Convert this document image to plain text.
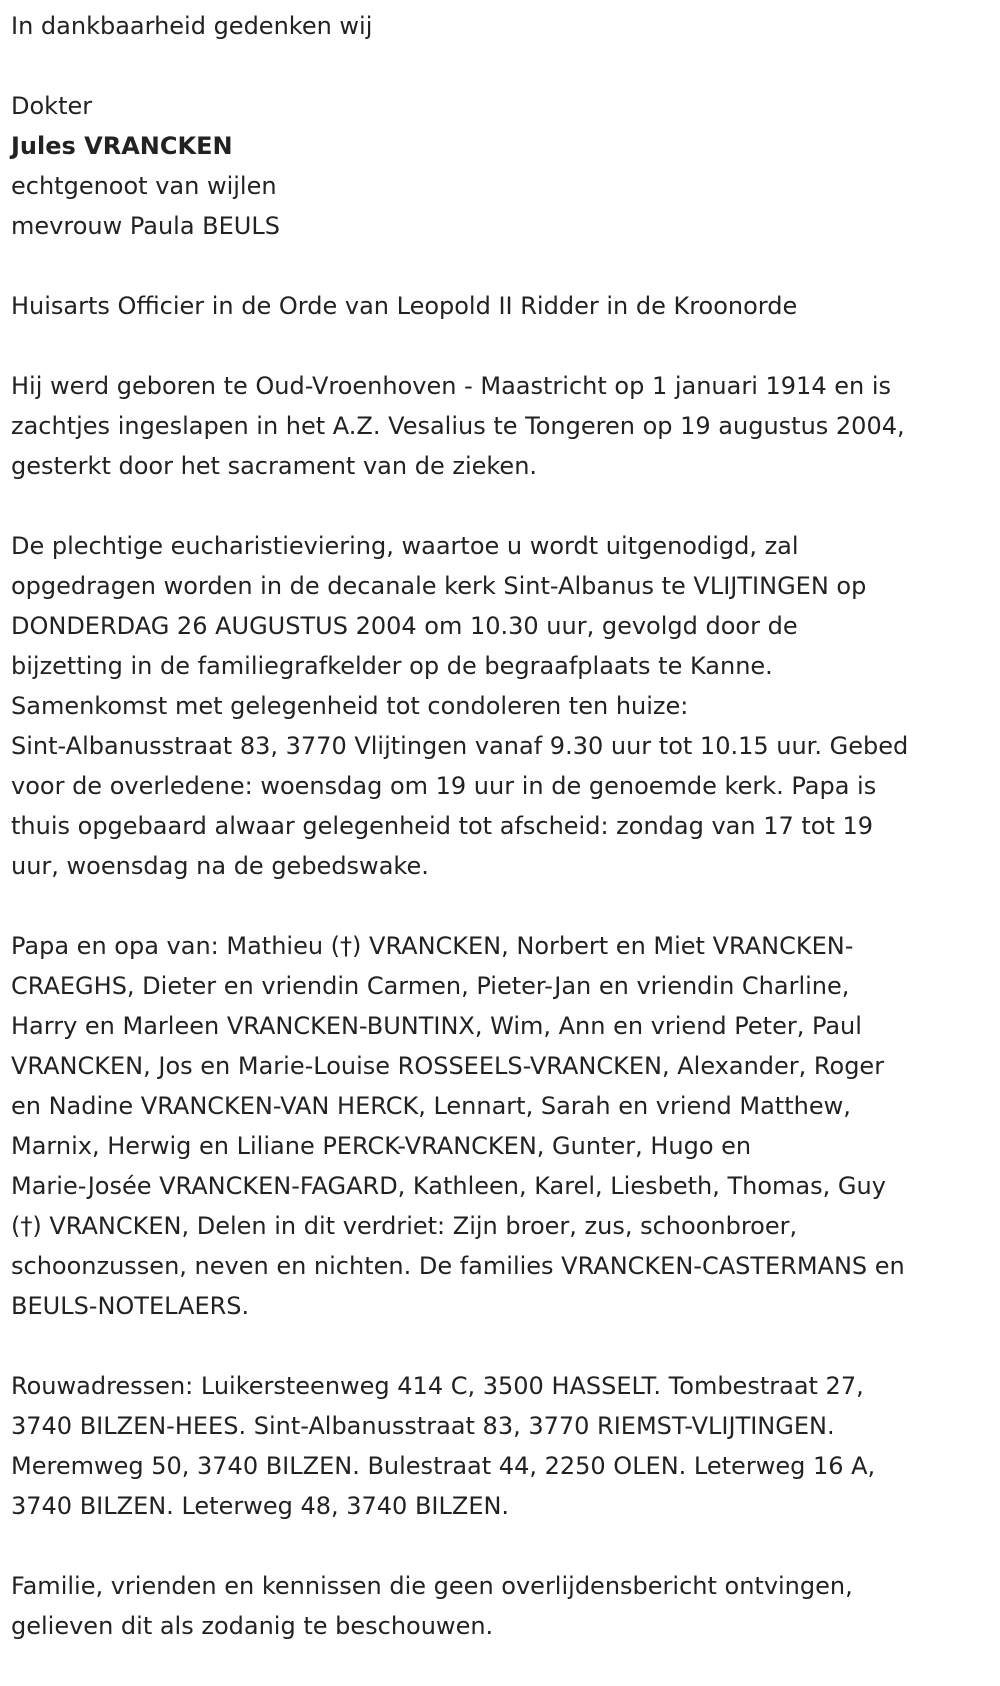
In dankbaarheid gedenken wij

Dokter

Jules VRANCKEN

echtgenoot van wijlen

mevrouw Paula BEULS

Huisarts Officier in de Orde van Leopold II Ridder in de Kroonorde

Hij werd geboren te Oud-Vroenhoven - Maastricht op 1 januari 1914 en is
zachtjes ingeslapen in het A.Z. Vesalius te Tongeren op 19 augustus 2004,
gesterkt door het sacrament van de zieken.
De plechtige eucharistieviering, waartoe u wordt uitgenodigd, zal
opgedragen worden in de decanale kerk Sint-Albanus te VLIJTINGEN op
DONDERDAG 26 AUGUSTUS 2004 om 10.30 uur, gevolgd door de
bijzetting in de familiegrafkelder op de begraafplaats te Kanne.
Samenkomst met gelegenheid tot condoleren ten huize:
Sint-Albanusstraat 83, 3770 Vlijtingen vanaf 9.30 uur tot 10.15 uur. Gebed
voor de overledene: woensdag om 19 uur in de genoemde kerk. Papa is
thuis opgebaard alwaar gelegenheid tot afscheid: zondag van 17 tot 19
uur, woensdag na de gebedswake.
Papa en opa van: Mathieu (†) VRANCKEN, Norbert en Miet VRANCKEN-
CRAEGHS, Dieter en vriendin Carmen, Pieter-Jan en vriendin Charline,
Harry en Marleen VRANCKEN-BUNTINX, Wim, Ann en vriend Peter, Paul
VRANCKEN, Jos en Marie-Louise ROSSEELS-VRANCKEN, Alexander, Roger
en Nadine VRANCKEN-VAN HERCK, Lennart, Sarah en vriend Matthew,
Marnix, Herwig en Liliane PERCK-VRANCKEN, Gunter, Hugo en
Marie-Josée VRANCKEN-FAGARD, Kathleen, Karel, Liesbeth, Thomas, Guy
(†) VRANCKEN, Delen in dit verdriet: Zijn broer, zus, schoonbroer,
schoonzussen, neven en nichten. De families VRANCKEN-CASTERMANS en
BEULS-NOTELAERS.
Rouwadressen: Luikersteenweg 414 C, 3500 HASSELT. Tombestraat 27,
3740 BILZEN-HEES. Sint-Albanusstraat 83, 3770 RIEMST-VLIJTINGEN.
Meremweg 50, 3740 BILZEN. Bulestraat 44, 2250 OLEN. Leterweg 16 A,
3740 BILZEN. Leterweg 48, 3740 BILZEN.
Familie, vrienden en kennissen die geen overlijdensbericht ontvingen,
gelieven dit als zodanig te beschouwen.
